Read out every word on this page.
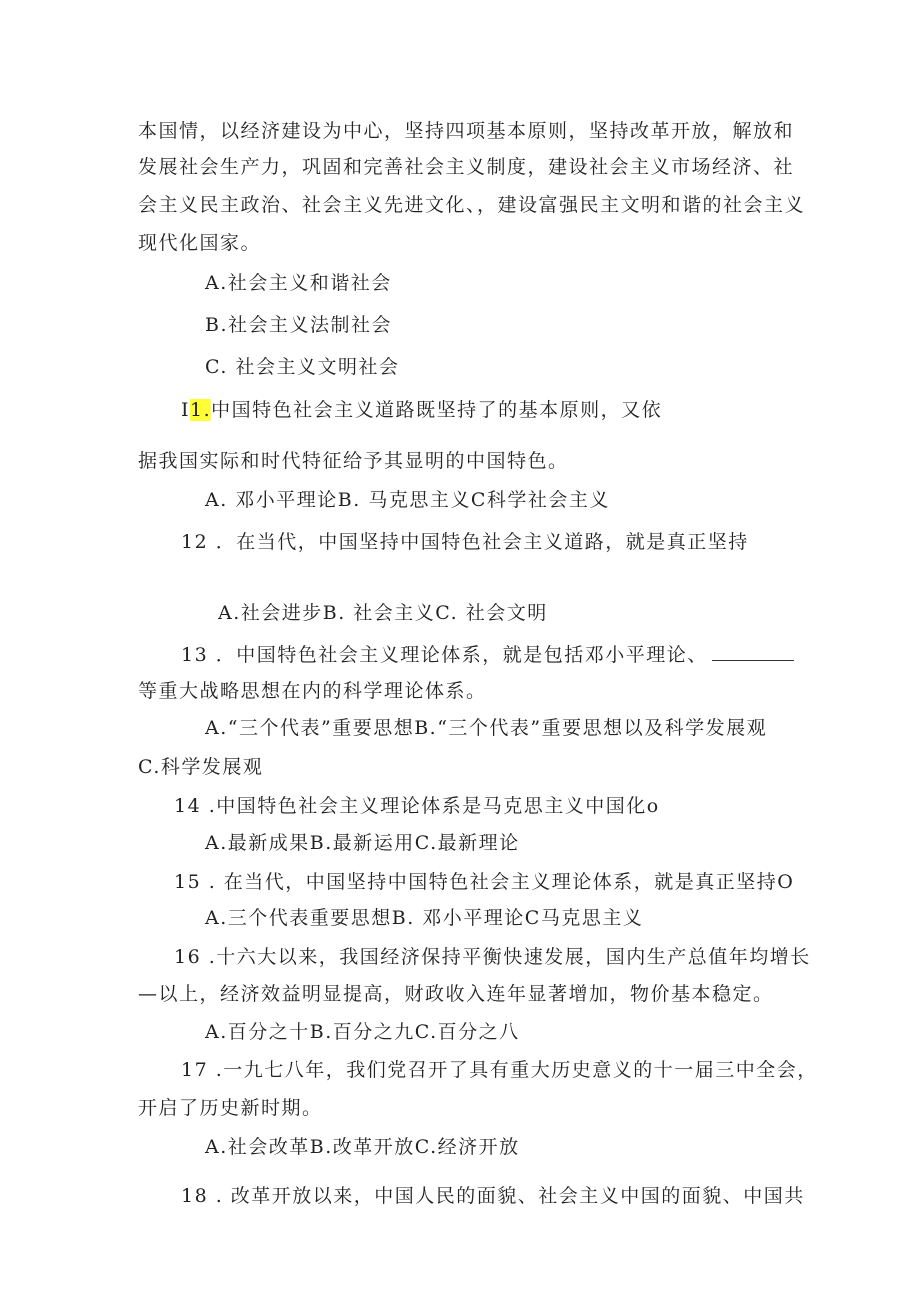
本国情，以经济建设为中心，坚持四项基本原则，坚持改革开放，解放和
发展社会生产力，巩固和完善社会主义制度，建设社会主义市场经济、社
会主义民主政治、社会主义先进文化、，建设富强民主文明和谐的社会主义
现代化国家。
A.社会主义和谐社会
B.社会主义法制社会
C. 社会主义文明社会
I1.中国特色社会主义道路既坚持了的基本原则，又依
据我国实际和时代特征给予其显明的中国特色。
A. 邓小平理论B. 马克思主义C科学社会主义
12 ．在当代，中国坚持中国特色社会主义道路，就是真正坚持
A.社会进步B. 社会主义C. 社会文明
13 ．中国特色社会主义理论体系，就是包括邓小平理论、
等重大战略思想在内的科学理论体系。
A.“三个代表”重要思想B.“三个代表”重要思想以及科学发展观
C.科学发展观
14 .中国特色社会主义理论体系是马克思主义中国化o
A.最新成果B.最新运用C.最新理论
15 . 在当代，中国坚持中国特色社会主义理论体系，就是真正坚持O
A.三个代表重要思想B. 邓小平理论C马克思主义
16 .十六大以来，我国经济保持平衡快速发展，国内生产总值年均增长
—以上，经济效益明显提高，财政收入连年显著增加，物价基本稳定。
A.百分之十B.百分之九C.百分之八
17 .一九七八年，我们党召开了具有重大历史意义的十一届三中全会，
开启了历史新时期。
A.社会改革B.改革开放C.经济开放
18 . 改革开放以来，中国人民的面貌、社会主义中国的面貌、中国共
